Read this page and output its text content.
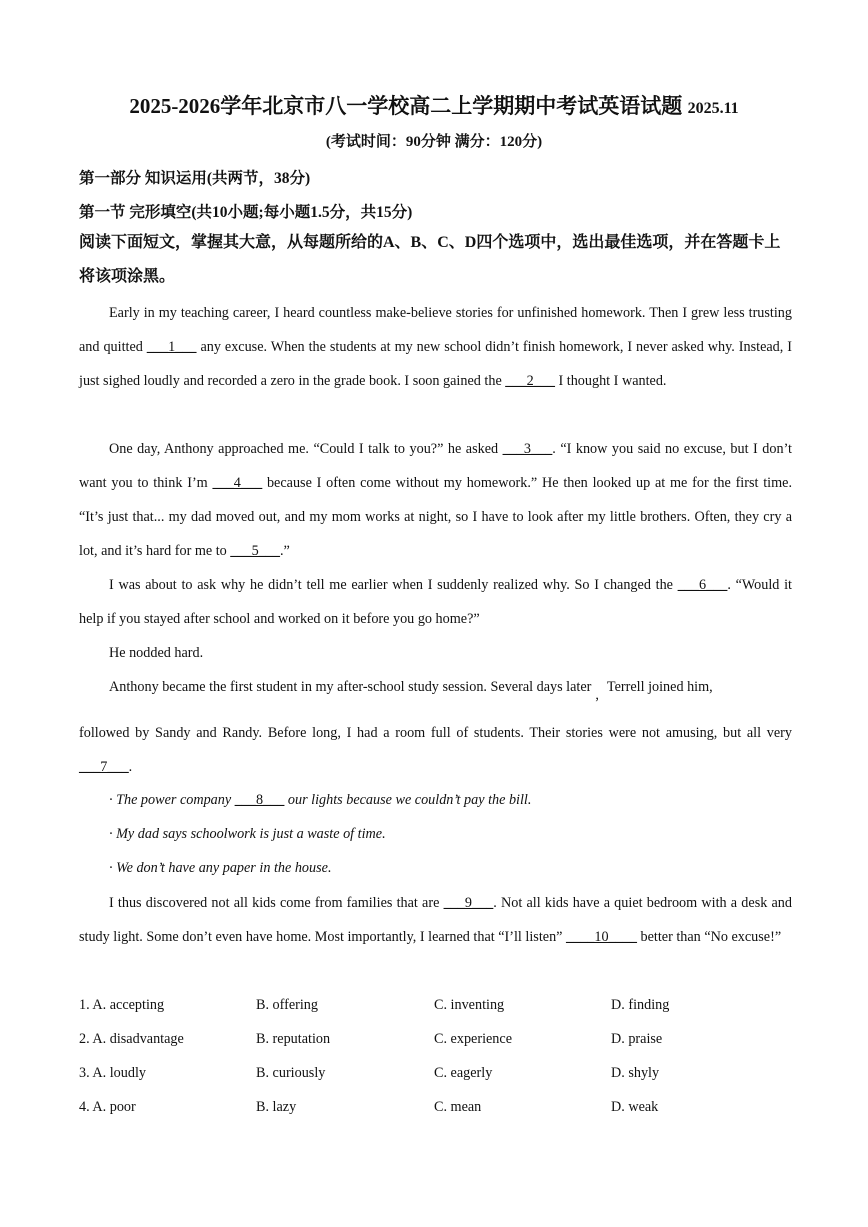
2025-2026学年北京市八一学校高二上学期期中考试英语试题 2025.11
(考试时间：90分钟 满分：120分)
第一部分 知识运用(共两节，38分)
第一节 完形填空(共10小题;每小题1.5分，共15分)
阅读下面短文，掌握其大意，从每题所给的A、B、C、D四个选项中，选出最佳选项，并在答题卡上将该项涂黑。
Early in my teaching career, I heard countless make-believe stories for unfinished homework. Then I grew less trusting and quitted ___1___ any excuse. When the students at my new school didn’t finish homework, I never asked why. Instead, I just sighed loudly and recorded a zero in the grade book. I soon gained the ___2___ I thought I wanted.
One day, Anthony approached me. “Could I talk to you?” he asked ___3___. “I know you said no excuse, but I don’t want you to think I’m ___4___ because I often come without my homework.” He then looked up at me for the first time. “It’s just that... my dad moved out, and my mom works at night, so I have to look after my little brothers. Often, they cry a lot, and it’s hard for me to ___5___.”
I was about to ask why he didn’t tell me earlier when I suddenly realized why. So I changed the ___6___. “Would it help if you stayed after school and worked on it before you go home?”
He nodded hard.
Anthony became the first student in my after-school study session. Several days later , Terrell joined him,
followed by Sandy and Randy. Before long, I had a room full of students. Their stories were not amusing, but all very ___7___.
· The power company ___8___ our lights because we couldn’t pay the bill.
· My dad says schoolwork is just a waste of time.
· We don’t have any paper in the house.
I thus discovered not all kids come from families that are ___9___. Not all kids have a quiet bedroom with a desk and study light. Some don’t even have home. Most importantly, I learned that “I’ll listen” ____10____ better than “No excuse!”
1. A. accepting	B. offering	C. inventing	D. finding
2. A. disadvantage	B. reputation	C. experience	D. praise
3. A. loudly	B. curiously	C. eagerly	D. shyly
4. A. poor	B. lazy	C. mean	D. weak
